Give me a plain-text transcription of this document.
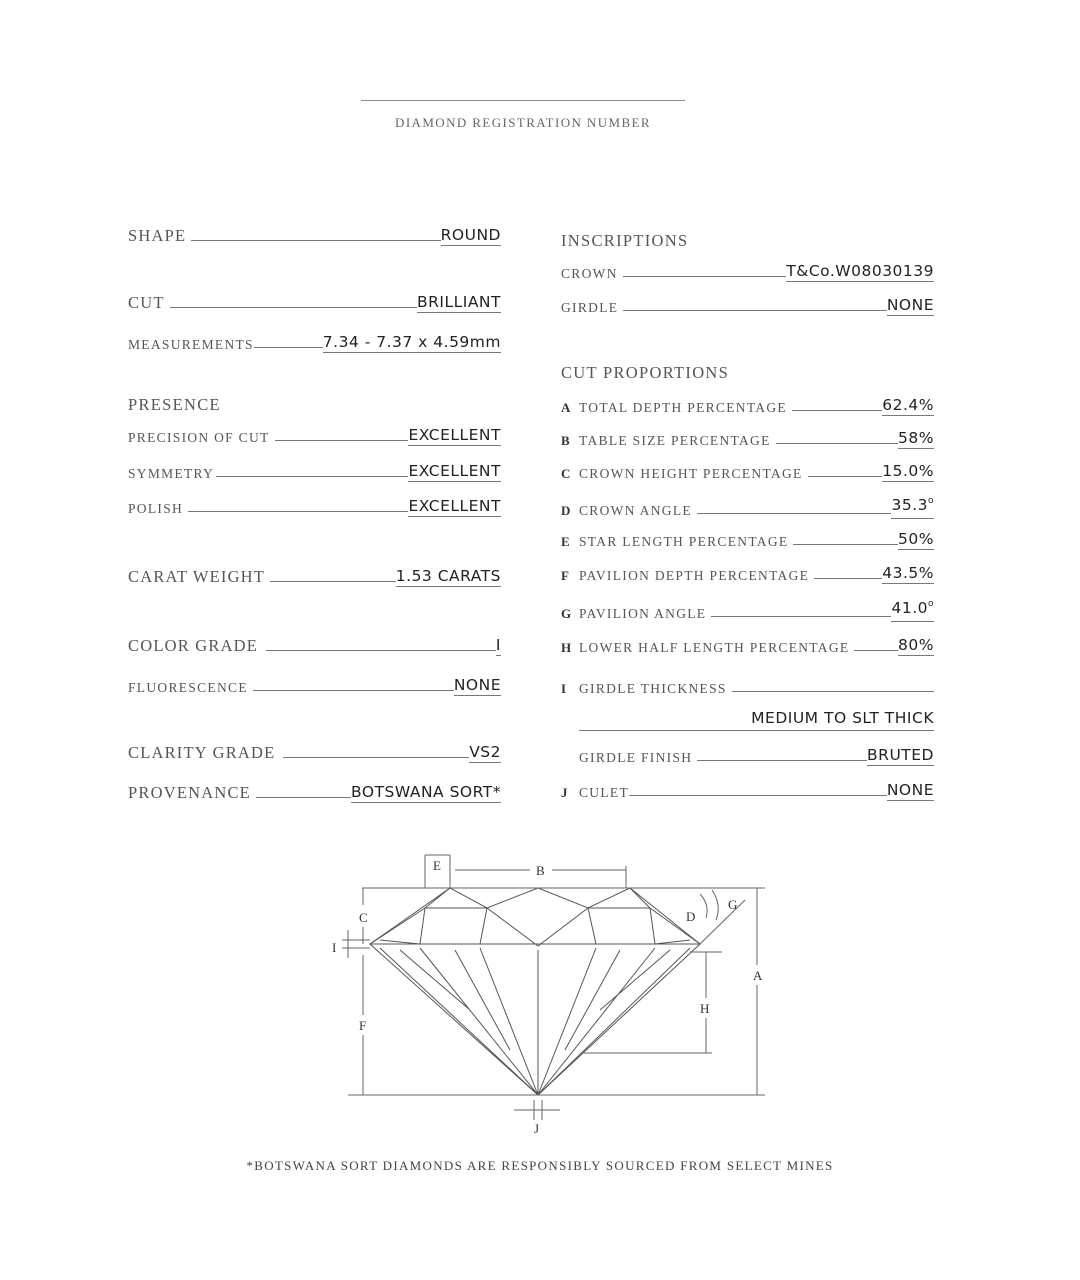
DIAMOND REGISTRATION NUMBER
SHAPE	ROUND
CUT	BRILLIANT
MEASUREMENTS	7.34 - 7.37 x 4.59mm
PRESENCE
PRECISION OF CUT	EXCELLENT
SYMMETRY	EXCELLENT
POLISH	EXCELLENT
CARAT WEIGHT	1.53 CARATS
COLOR GRADE	I
FLUORESCENCE	NONE
CLARITY GRADE	VS2
PROVENANCE	BOTSWANA SORT*
INSCRIPTIONS
CROWN	T&Co.W08030139
GIRDLE	NONE
CUT PROPORTIONS
A TOTAL DEPTH PERCENTAGE	62.4%
B TABLE SIZE PERCENTAGE	58%
C CROWN HEIGHT PERCENTAGE	15.0%
D CROWN ANGLE	35.3$^o$
E STAR LENGTH PERCENTAGE	50%
F PAVILION DEPTH PERCENTAGE	43.5%
G PAVILION ANGLE	41.0$^o$
H LOWER HALF LENGTH PERCENTAGE	80%
I GIRDLE THICKNESS
MEDIUM TO SLT THICK
GIRDLE FINISH	BRUTED
J CULET	NONE
E	B
C
I
F
D
G
A
H
J
*BOTSWANA SORT DIAMONDS ARE RESPONSIBLY SOURCED FROM SELECT MINES
